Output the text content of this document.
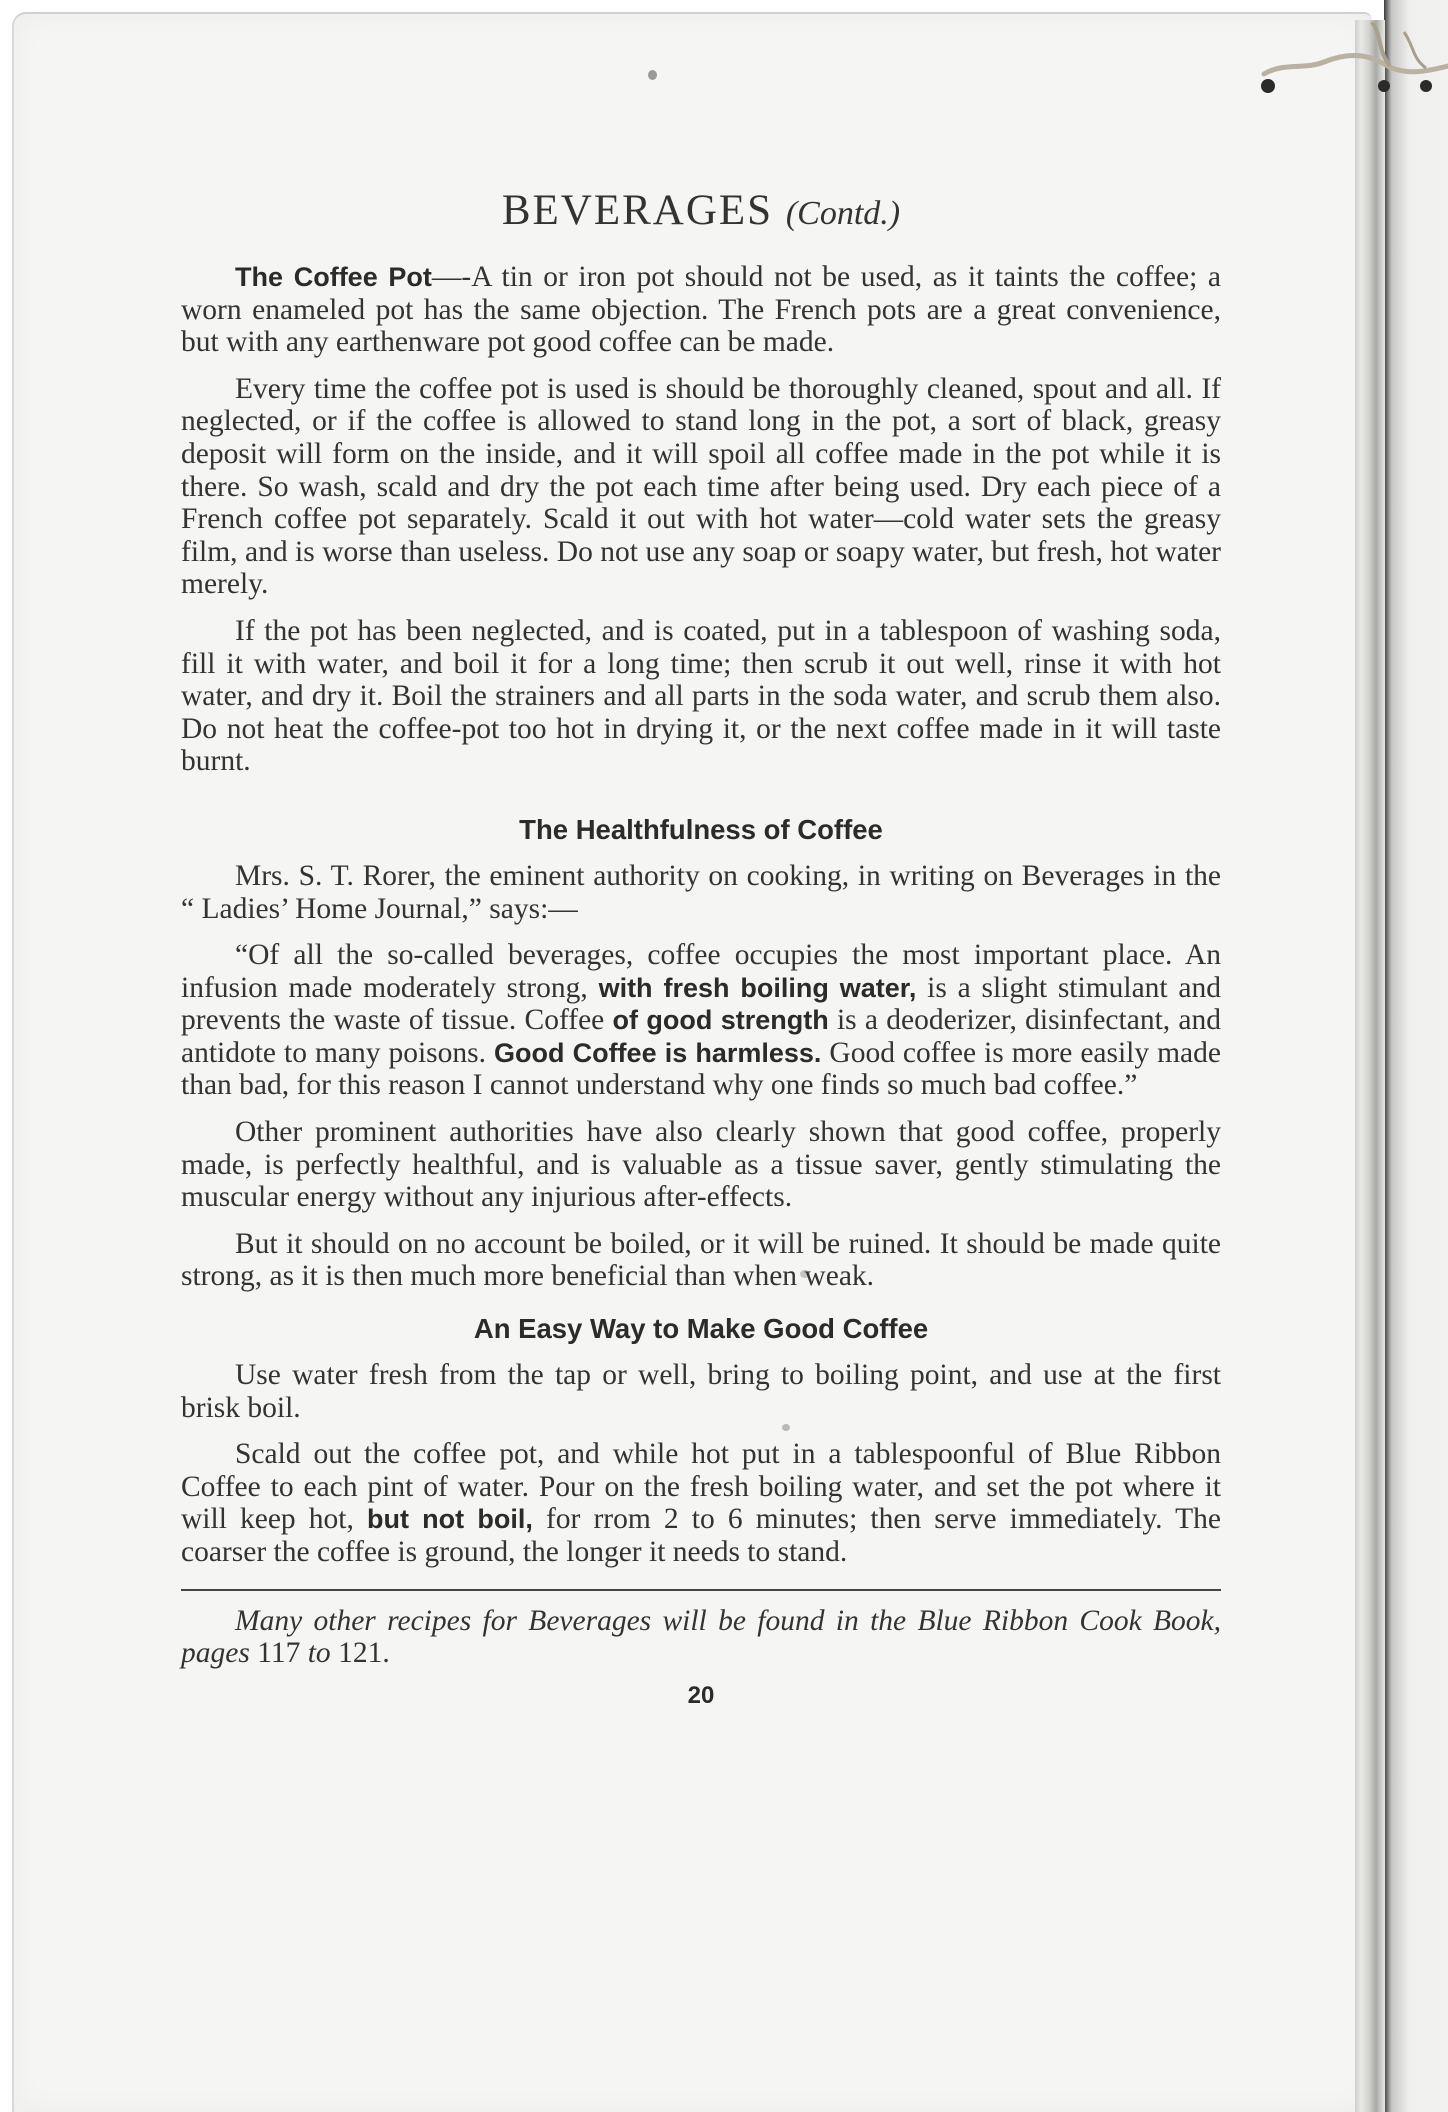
BEVERAGES (Contd.)

The Coffee Pot—-A tin or iron pot should not be used, as it taints the coffee; a worn enameled pot has the same objection. The French pots are a great convenience, but with any earthenware pot good coffee can be made.

Every time the coffee pot is used is should be thoroughly cleaned, spout and all. If neglected, or if the coffee is allowed to stand long in the pot, a sort of black, greasy deposit will form on the inside, and it will spoil all coffee made in the pot while it is there. So wash, scald and dry the pot each time after being used. Dry each piece of a French coffee pot separately. Scald it out with hot water—cold water sets the greasy film, and is worse than useless. Do not use any soap or soapy water, but fresh, hot water merely.

If the pot has been neglected, and is coated, put in a tablespoon of washing soda, fill it with water, and boil it for a long time; then scrub it out well, rinse it with hot water, and dry it. Boil the strainers and all parts in the soda water, and scrub them also. Do not heat the coffee-pot too hot in drying it, or the next coffee made in it will taste burnt.

The Healthfulness of Coffee

Mrs. S. T. Rorer, the eminent authority on cooking, in writing on Beverages in the “ Ladies’ Home Journal,” says:—

“Of all the so-called beverages, coffee occupies the most important place. An infusion made moderately strong, with fresh boiling water, is a slight stimulant and prevents the waste of tissue. Coffee of good strength is a deoderizer, disinfectant, and antidote to many poisons. Good Coffee is harmless. Good coffee is more easily made than bad, for this reason I cannot understand why one finds so much bad coffee.”

Other prominent authorities have also clearly shown that good coffee, properly made, is perfectly healthful, and is valuable as a tissue saver, gently stimulating the muscular energy without any injurious after-effects.

But it should on no account be boiled, or it will be ruined. It should be made quite strong, as it is then much more beneficial than when weak.

An Easy Way to Make Good Coffee

Use water fresh from the tap or well, bring to boiling point, and use at the first brisk boil.

Scald out the coffee pot, and while hot put in a tablespoonful of Blue Ribbon Coffee to each pint of water. Pour on the fresh boiling water, and set the pot where it will keep hot, but not boil, for rrom 2 to 6 minutes; then serve immediately. The coarser the coffee is ground, the longer it needs to stand.

Many other recipes for Beverages will be found in the Blue Ribbon Cook Book, pages 117 to 121.

20
